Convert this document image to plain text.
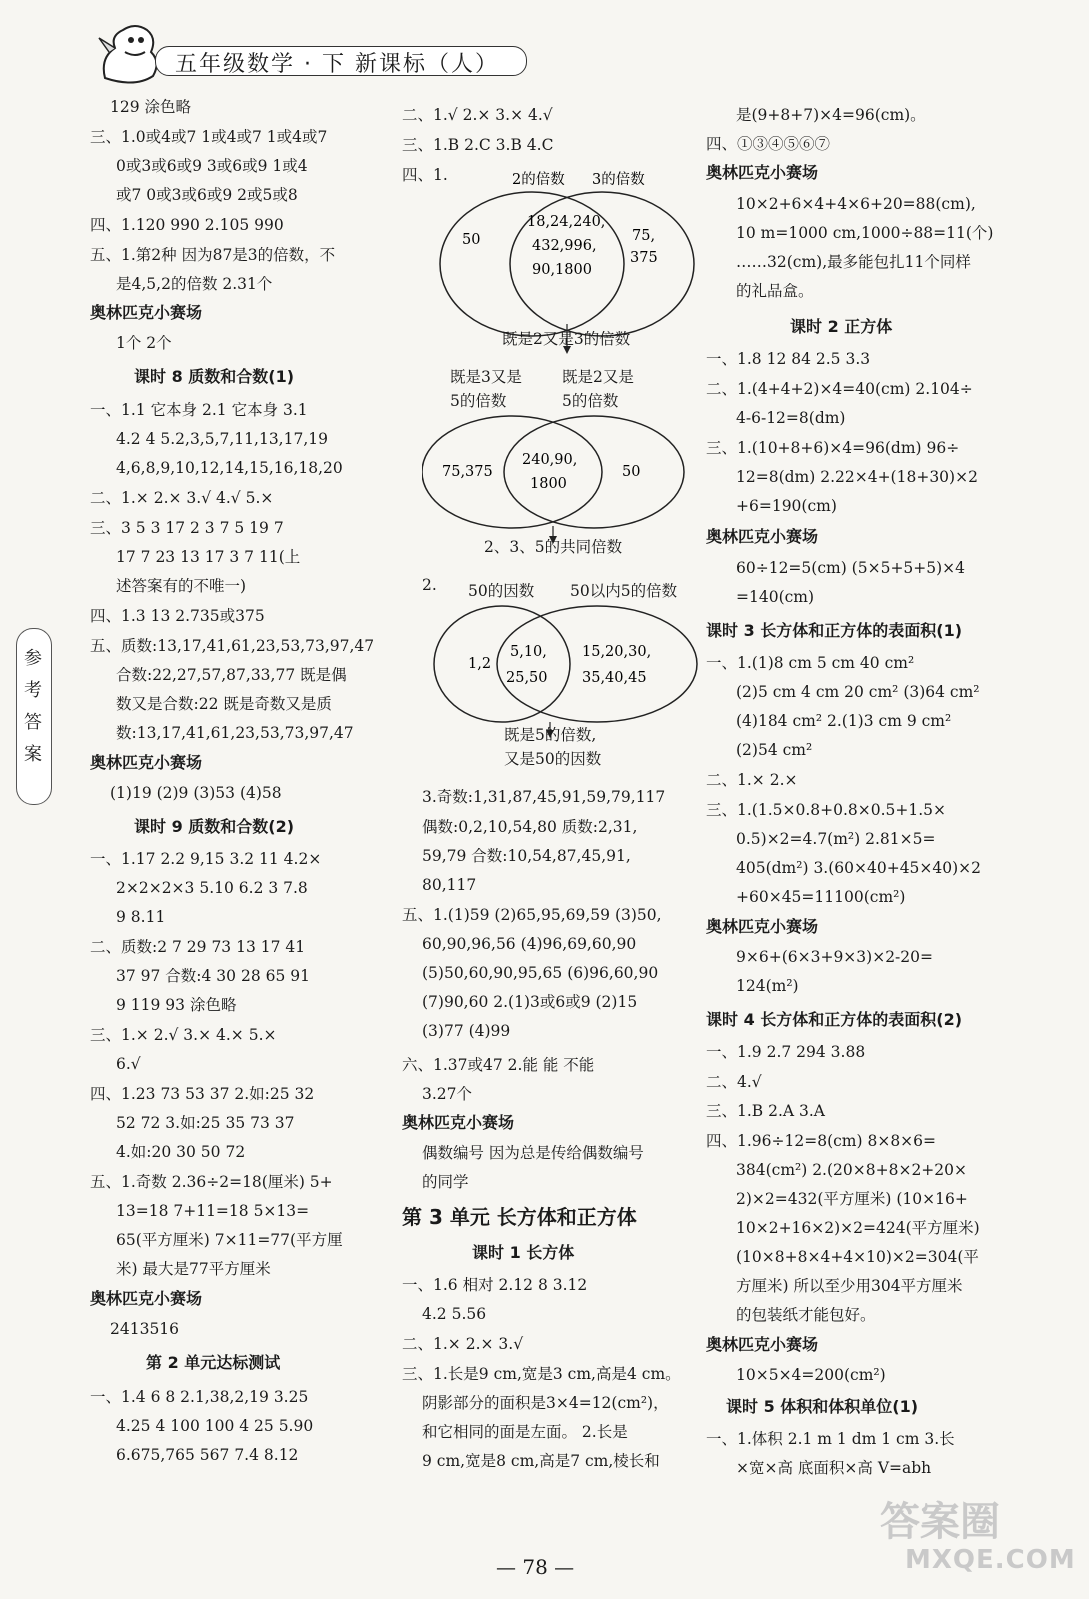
五年级数学 · 下 新课标（人）
参考答案
129 涂色略
三、1.0或4或7 1或4或7 1或4或7
0或3或6或9 3或6或9 1或4
或7 0或3或6或9 2或5或8
四、1.120 990 2.105 990
五、1.第2种 因为87是3的倍数，不
是4,5,2的倍数 2.31个
奥林匹克小赛场
1个 2个
课时 8 质数和合数(1)
一、1.1 它本身 2.1 它本身 3.1
4.2 4 5.2,3,5,7,11,13,17,19
4,6,8,9,10,12,14,15,16,18,20
二、1.× 2.× 3.√ 4.√ 5.×
三、3 5 3 17 2 3 7 5 19 7
17 7 23 13 17 3 7 11(上
述答案有的不唯一)
四、1.3 13 2.735或375
五、质数:13,17,41,61,23,53,73,97,47
合数:22,27,57,87,33,77 既是偶
数又是合数:22 既是奇数又是质
数:13,17,41,61,23,53,73,97,47
奥林匹克小赛场
(1)19 (2)9 (3)53 (4)58
课时 9 质数和合数(2)
一、1.17 2.2 9,15 3.2 11 4.2×
2×2×2×3 5.10 6.2 3 7.8
9 8.11
二、质数:2 7 29 73 13 17 41
37 97 合数:4 30 28 65 91
9 119 93 涂色略
三、1.× 2.√ 3.× 4.× 5.×
6.√
四、1.23 73 53 37 2.如:25 32
52 72 3.如:25 35 73 37
4.如:20 30 50 72
五、1.奇数 2.36÷2=18(厘米) 5+
13=18 7+11=18 5×13=
65(平方厘米) 7×11=77(平方厘
米) 最大是77平方厘米
奥林匹克小赛场
2413516
第 2 单元达标测试
一、1.4 6 8 2.1,38,2,19 3.25
4.25 4 100 100 4 25 5.90
6.675,765 567 7.4 8.12
二、1.√ 2.× 3.× 4.√
三、1.B 2.C 3.B 4.C
四、1.	2的倍数 3的倍数
50
18,24,240,
432,996,
90,1800
75,
375
既是2又是3的倍数
既是3又是
5的倍数
既是2又是
5的倍数
75,375
240,90,
1800
50
2、3、5的共同倍数
2. 50的因数 50以内5的倍数
1,2
5,10,
25,50
15,20,30,
35,40,45
既是5的倍数,
又是50的因数
3.奇数:1,31,87,45,91,59,79,117
偶数:0,2,10,54,80 质数:2,31,
59,79 合数:10,54,87,45,91,
80,117
五、1.(1)59 (2)65,95,69,59 (3)50,
60,90,96,56 (4)96,69,60,90
(5)50,60,90,95,65 (6)96,60,90
(7)90,60 2.(1)3或6或9 (2)15
(3)77 (4)99
六、1.37或47 2.能 能 不能
3.27个
奥林匹克小赛场
偶数编号 因为总是传给偶数编号
的同学
第 3 单元 长方体和正方体
课时 1 长方体
一、1.6 相对 2.12 8 3.12
4.2 5.56
二、1.× 2.× 3.√
三、1.长是9 cm,宽是3 cm,高是4 cm。
阴影部分的面积是3×4=12(cm²)，
和它相同的面是左面。 2.长是
9 cm,宽是8 cm,高是7 cm,棱长和
是(9+8+7)×4=96(cm)。
四、①③④⑤⑥⑦
奥林匹克小赛场
10×2+6×4+4×6+20=88(cm),
10 m=1000 cm,1000÷88=11(个)
……32(cm),最多能包扎11个同样
的礼品盒。
课时 2 正方体
一、1.8 12 84 2.5 3.3
二、1.(4+4+2)×4=40(cm) 2.104÷
4-6-12=8(dm)
三、1.(10+8+6)×4=96(dm) 96÷
12=8(dm) 2.22×4+(18+30)×2
+6=190(cm)
奥林匹克小赛场
60÷12=5(cm) (5×5+5+5)×4
=140(cm)
课时 3 长方体和正方体的表面积(1)
一、1.(1)8 cm 5 cm 40 cm²
(2)5 cm 4 cm 20 cm² (3)64 cm²
(4)184 cm² 2.(1)3 cm 9 cm²
(2)54 cm²
二、1.× 2.×
三、1.(1.5×0.8+0.8×0.5+1.5×
0.5)×2=4.7(m²) 2.81×5=
405(dm²) 3.(60×40+45×40)×2
+60×45=11100(cm²)
奥林匹克小赛场
9×6+(6×3+9×3)×2-20=
124(m²)
课时 4 长方体和正方体的表面积(2)
一、1.9 2.7 294 3.88
二、4.√
三、1.B 2.A 3.A
四、1.96÷12=8(cm) 8×8×6=
384(cm²) 2.(20×8+8×2+20×
2)×2=432(平方厘米) (10×16+
10×2+16×2)×2=424(平方厘米)
(10×8+8×4+4×10)×2=304(平
方厘米) 所以至少用304平方厘米
的包装纸才能包好。
奥林匹克小赛场
10×5×4=200(cm²)
课时 5 体积和体积单位(1)
一、1.体积 2.1 m 1 dm 1 cm 3.长
×宽×高 底面积×高 V=abh
— 78 —
答案圈
MXQE.COM
